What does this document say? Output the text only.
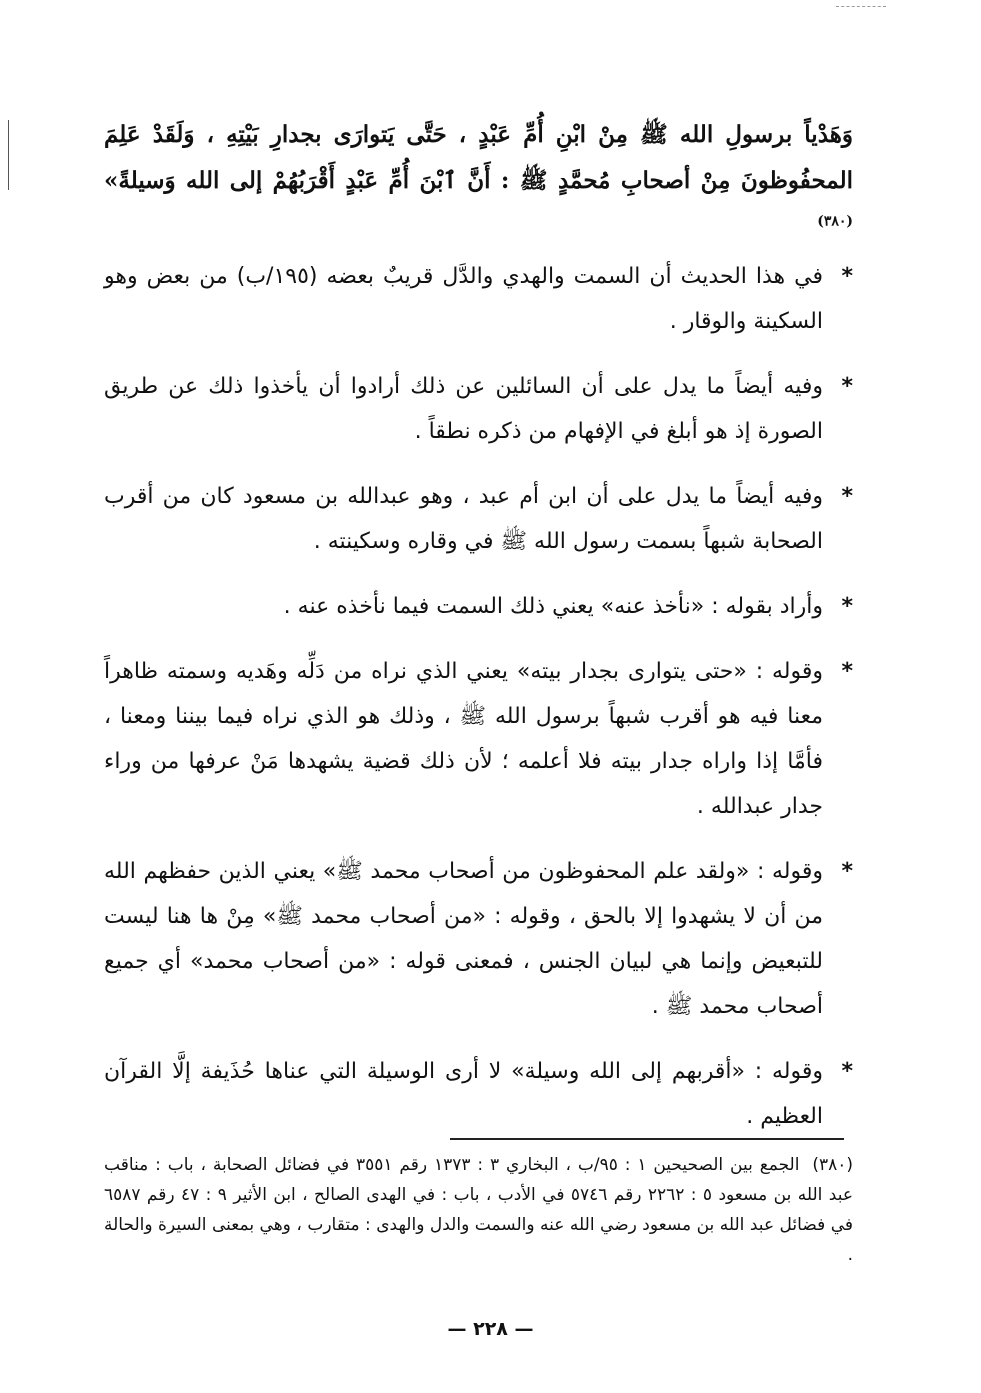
وَهَدْياً برسولِ الله ﷺ مِنْ ابْنِ أُمِّ عَبْدٍ ، حَتَّى يَتوارَى بجدارِ بَيْتِهِ ، وَلَقَدْ عَلِمَ المحفُوظونَ مِنْ أصحابِ مُحمَّدٍ ﷺ : أَنَّ ٱبْنَ أُمِّ عَبْدٍ أَقْرَبُهُمْ إلى الله وَسيلةً» $^{(٣٨٠)}$

*
في هذا الحديث أن السمت والهدي والدَّل قريبٌ بعضه (١٩٥/ب) من بعض وهو السكينة والوقار .

*
وفيه أيضاً ما يدل على أن السائلين عن ذلك أرادوا أن يأخذوا ذلك عن طريق الصورة إذ هو أبلغ في الإفهام من ذكره نطقاً .

*
وفيه أيضاً ما يدل على أن ابن أم عبد ، وهو عبدالله بن مسعود كان من أقرب الصحابة شبهاً بسمت رسول الله ﷺ في وقاره وسكينته .

*
وأراد بقوله : «نأخذ عنه» يعني ذلك السمت فيما نأخذه عنه .

*
وقوله : «حتى يتوارى بجدار بيته» يعني الذي نراه من دَلِّه وهَديه وسمته ظاهراً معنا فيه هو أقرب شبهاً برسول الله ﷺ ، وذلك هو الذي نراه فيما بيننا ومعنا ، فأمَّا إذا واراه جدار بيته فلا أعلمه ؛ لأن ذلك قضية يشهدها مَنْ عرفها من وراء جدار عبدالله .

*
وقوله : «ولقد علم المحفوظون من أصحاب محمد ﷺ» يعني الذين حفظهم الله من أن لا يشهدوا إلا بالحق ، وقوله : «من أصحاب محمد ﷺ» مِنْ ها هنا ليست للتبعيض وإنما هي لبيان الجنس ، فمعنى قوله : «من أصحاب محمد» أي جميع أصحاب محمد ﷺ .

*
وقوله : «أقربهم إلى الله وسيلة» لا أرى الوسيلة التي عناها حُذَيفة إلَّا القرآن العظيم .

(٣٨٠) الجمع بين الصحيحين ١ : ٩٥/ب ، البخاري ٣ : ١٣٧٣ رقم ٣٥٥١ في فضائل الصحابة ، باب : مناقب عبد الله بن مسعود ٥ : ٢٢٦٢ رقم ٥٧٤٦ في الأدب ، باب : في الهدى الصالح ، ابن الأثير ٩ : ٤٧ رقم ٦٥٨٧ في فضائل عبد الله بن مسعود رضي الله عنه والسمت والدل والهدى : متقارب ، وهي بمعنى السيرة والحالة .
— ٢٢٨ —
